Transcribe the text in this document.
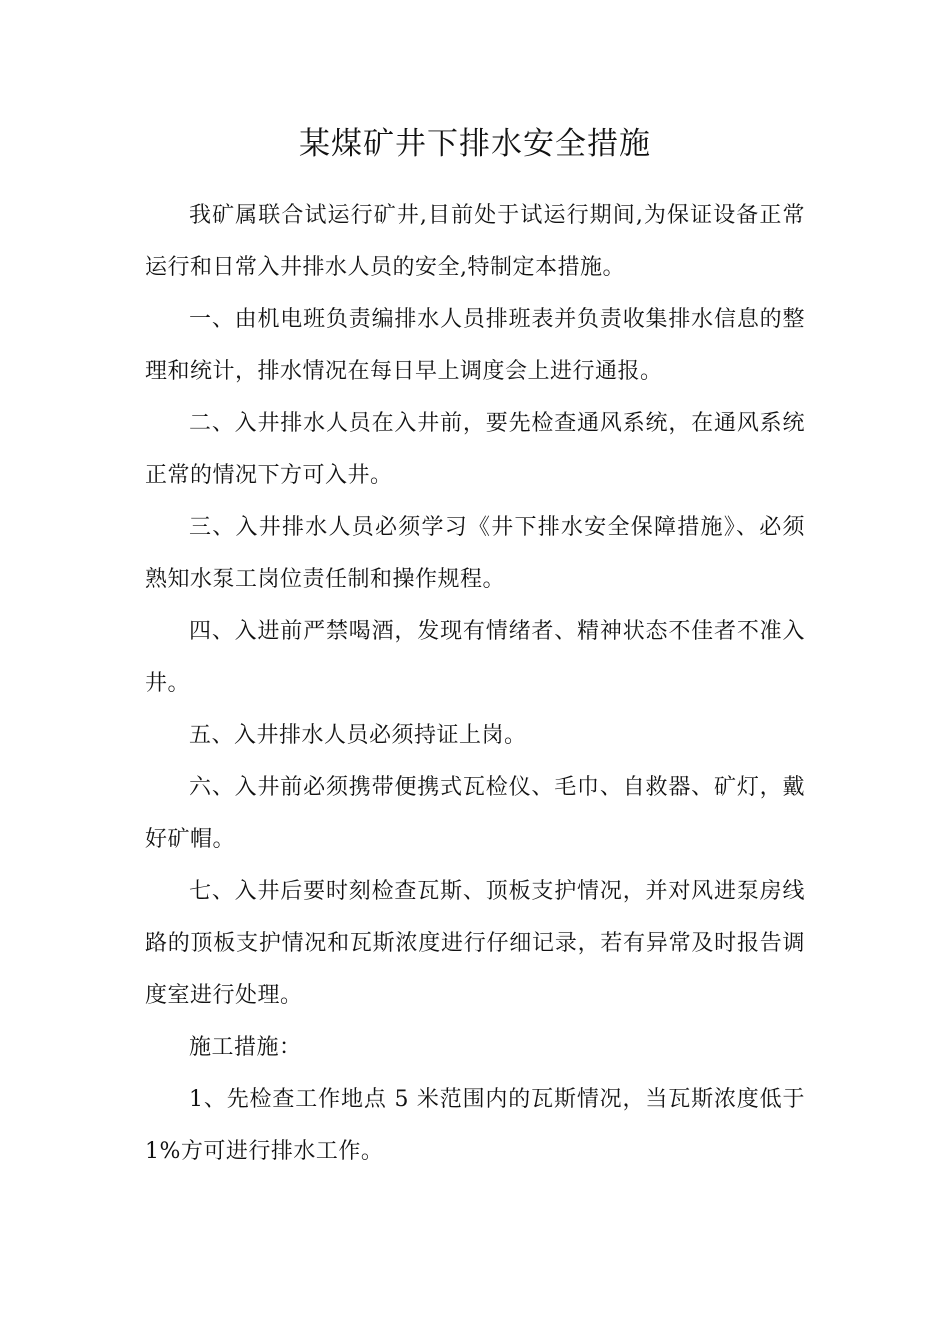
某煤矿井下排水安全措施

我矿属联合试运行矿井,目前处于试运行期间,为保证设备正常运行和日常入井排水人员的安全,特制定本措施。

一、由机电班负责编排水人员排班表并负责收集排水信息的整理和统计，排水情况在每日早上调度会上进行通报。

二、入井排水人员在入井前，要先检查通风系统，在通风系统正常的情况下方可入井。

三、入井排水人员必须学习《井下排水安全保障措施》、必须熟知水泵工岗位责任制和操作规程。

四、入进前严禁喝酒，发现有情绪者、精神状态不佳者不准入井。

五、入井排水人员必须持证上岗。

六、入井前必须携带便携式瓦检仪、毛巾、自救器、矿灯，戴好矿帽。

七、入井后要时刻检查瓦斯、顶板支护情况，并对风进泵房线路的顶板支护情况和瓦斯浓度进行仔细记录，若有异常及时报告调度室进行处理。

施工措施：

1、先检查工作地点 5 米范围内的瓦斯情况，当瓦斯浓度低于1%方可进行排水工作。
